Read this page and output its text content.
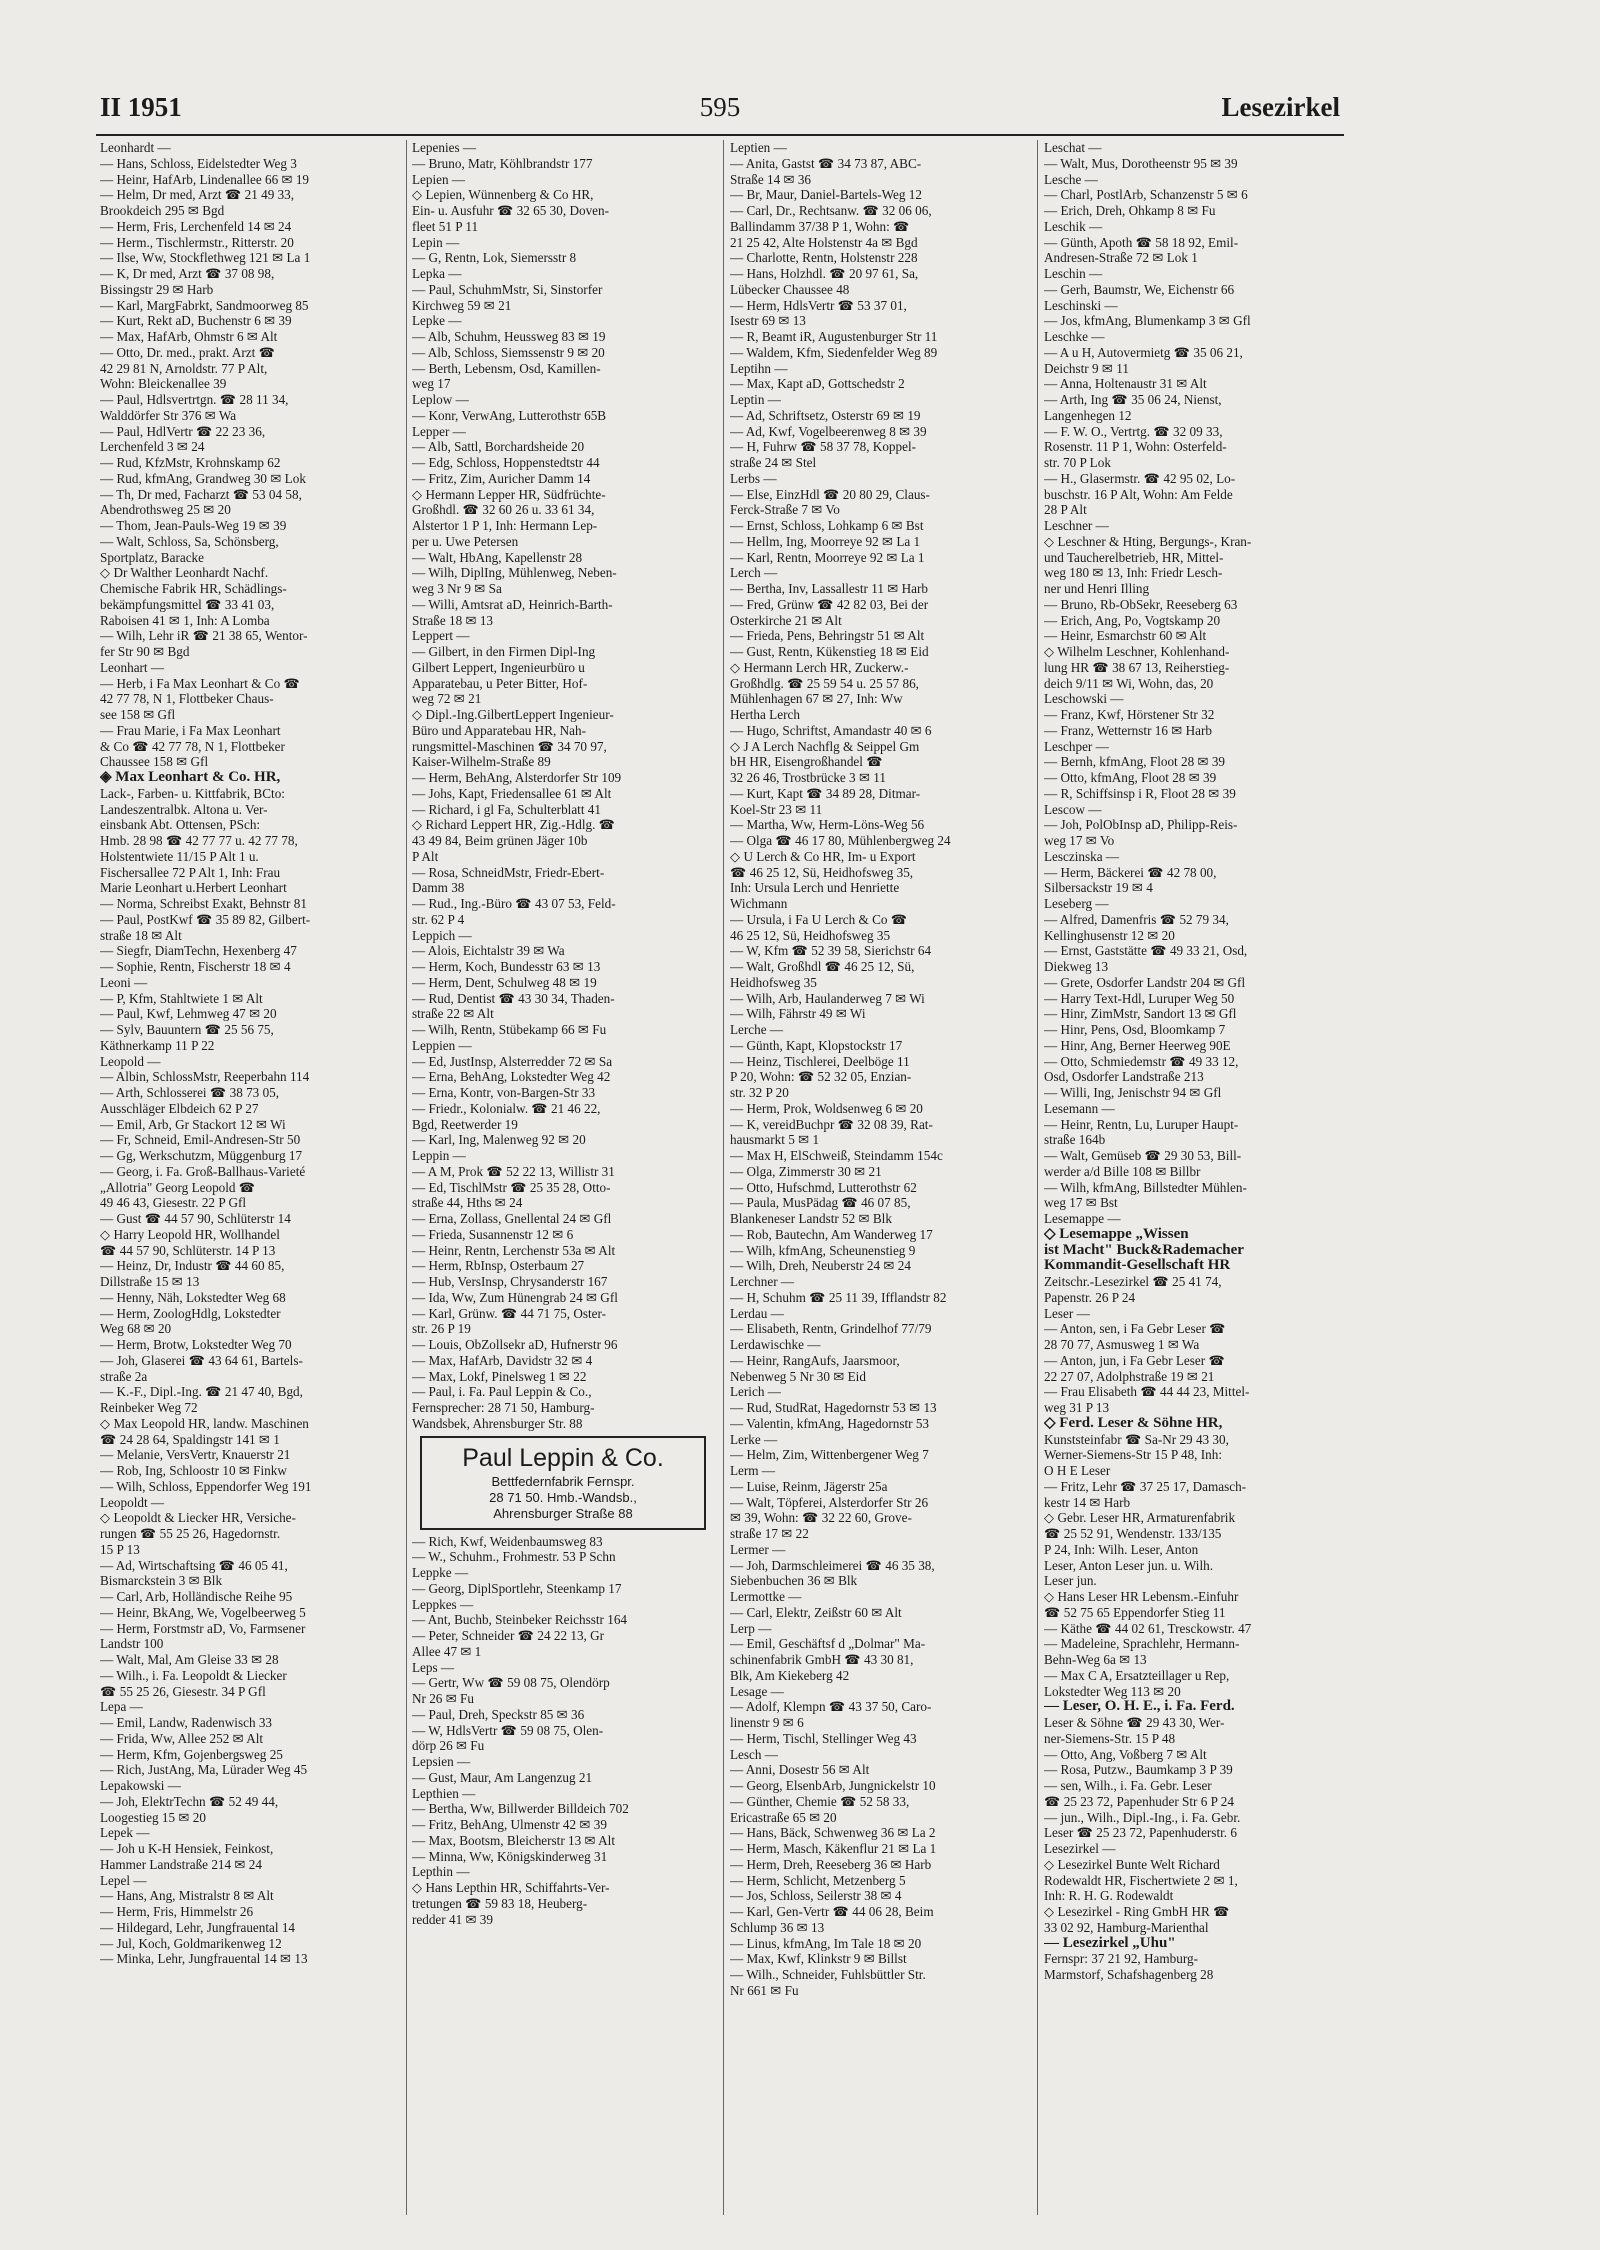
II 1951	595	Lesezirkel
Leonhardt —
— Hans, Schloss, Eidelstedter Weg 3
— Heinr, HafArb, Lindenallee 66 ✉ 19
— Helm, Dr med, Arzt ☎ 21 49 33,
Brookdeich 295 ✉ Bgd
— Herm, Fris, Lerchenfeld 14 ✉ 24
— Herm., Tischlermstr., Ritterstr. 20
— Ilse, Ww, Stockflethweg 121 ✉ La 1
— K, Dr med, Arzt ☎ 37 08 98,
Bissingstr 29 ✉ Harb
— Karl, MargFabrkt, Sandmoorweg 85
— Kurt, Rekt aD, Buchenstr 6 ✉ 39
— Max, HafArb, Ohmstr 6 ✉ Alt
— Otto, Dr. med., prakt. Arzt ☎
42 29 81 N, Arnoldstr. 77 P Alt,
Wohn: Bleickenallee 39
— Paul, Hdlsvertrtgn. ☎ 28 11 34,
Walddörfer Str 376 ✉ Wa
— Paul, HdlVertr ☎ 22 23 36,
Lerchenfeld 3 ✉ 24
— Rud, KfzMstr, Krohnskamp 62
— Rud, kfmAng, Grandweg 30 ✉ Lok
— Th, Dr med, Facharzt ☎ 53 04 58,
Abendrothsweg 25 ✉ 20
— Thom, Jean-Pauls-Weg 19 ✉ 39
— Walt, Schloss, Sa, Schönsberg,
Sportplatz, Baracke
◇ Dr Walther Leonhardt Nachf.
Chemische Fabrik HR, Schädlings-
bekämpfungsmittel ☎ 33 41 03,
Raboisen 41 ✉ 1, Inh: A Lomba
— Wilh, Lehr iR ☎ 21 38 65, Wentor-
fer Str 90 ✉ Bgd
Leonhart —
— Herb, i Fa Max Leonhart & Co ☎
42 77 78, N 1, Flottbeker Chaus-
see 158 ✉ Gfl
— Frau Marie, i Fa Max Leonhart
& Co ☎ 42 77 78, N 1, Flottbeker
Chaussee 158 ✉ Gfl
◈ Max Leonhart & Co. HR,
Lack-, Farben- u. Kittfabrik, BCto:
Landeszentralbk. Altona u. Ver-
einsbank Abt. Ottensen, PSch:
Hmb. 28 98 ☎ 42 77 77 u. 42 77 78,
Holstentwiete 11/15 P Alt 1 u.
Fischersallee 72 P Alt 1, Inh: Frau
Marie Leonhart u.Herbert Leonhart
— Norma, Schreibst Exakt, Behnstr 81
— Paul, PostKwf ☎ 35 89 82, Gilbert-
straße 18 ✉ Alt
— Siegfr, DiamTechn, Hexenberg 47
— Sophie, Rentn, Fischerstr 18 ✉ 4
Leoni —
— P, Kfm, Stahltwiete 1 ✉ Alt
— Paul, Kwf, Lehmweg 47 ✉ 20
— Sylv, Bauuntern ☎ 25 56 75,
Käthnerkamp 11 P 22
Leopold —
— Albin, SchlossMstr, Reeperbahn 114
— Arth, Schlosserei ☎ 38 73 05,
Ausschläger Elbdeich 62 P 27
— Emil, Arb, Gr Stackort 12 ✉ Wi
— Fr, Schneid, Emil-Andresen-Str 50
— Gg, Werkschutzm, Müggenburg 17
— Georg, i. Fa. Groß-Ballhaus-Varieté
„Allotria" Georg Leopold ☎
49 46 43, Giesestr. 22 P Gfl
— Gust ☎ 44 57 90, Schlüterstr 14
◇ Harry Leopold HR, Wollhandel
☎ 44 57 90, Schlüterstr. 14 P 13
— Heinz, Dr, Industr ☎ 44 60 85,
Dillstraße 15 ✉ 13
— Henny, Näh, Lokstedter Weg 68
— Herm, ZoologHdlg, Lokstedter
Weg 68 ✉ 20
— Herm, Brotw, Lokstedter Weg 70
— Joh, Glaserei ☎ 43 64 61, Bartels-
straße 2a
— K.-F., Dipl.-Ing. ☎ 21 47 40, Bgd,
Reinbeker Weg 72
◇ Max Leopold HR, landw. Maschinen
☎ 24 28 64, Spaldingstr 141 ✉ 1
— Melanie, VersVertr, Knauerstr 21
— Rob, Ing, Schloostr 10 ✉ Finkw
— Wilh, Schloss, Eppendorfer Weg 191
Leopoldt —
◇ Leopoldt & Liecker HR, Versiche-
rungen ☎ 55 25 26, Hagedornstr.
15 P 13
— Ad, Wirtschaftsing ☎ 46 05 41,
Bismarckstein 3 ✉ Blk
— Carl, Arb, Holländische Reihe 95
— Heinr, BkAng, We, Vogelbeerweg 5
— Herm, Forstmstr aD, Vo, Farmsener
Landstr 100
— Walt, Mal, Am Gleise 33 ✉ 28
— Wilh., i. Fa. Leopoldt & Liecker
☎ 55 25 26, Giesestr. 34 P Gfl
Lepa —
— Emil, Landw, Radenwisch 33
— Frida, Ww, Allee 252 ✉ Alt
— Herm, Kfm, Gojenbergsweg 25
— Rich, JustAng, Ma, Lürader Weg 45
Lepakowski —
— Joh, ElektrTechn ☎ 52 49 44,
Loogestieg 15 ✉ 20
Lepek —
— Joh u K-H Hensiek, Feinkost,
Hammer Landstraße 214 ✉ 24
Lepel —
— Hans, Ang, Mistralstr 8 ✉ Alt
— Herm, Fris, Himmelstr 26
— Hildegard, Lehr, Jungfrauental 14
— Jul, Koch, Goldmarikenweg 12
— Minka, Lehr, Jungfrauental 14 ✉ 13
Lepenies —
— Bruno, Matr, Köhlbrandstr 177
Lepien —
◇ Lepien, Wünnenberg & Co HR,
Ein- u. Ausfuhr ☎ 32 65 30, Doven-
fleet 51 P 11
Lepin —
— G, Rentn, Lok, Siemersstr 8
Lepka —
— Paul, SchuhmMstr, Si, Sinstorfer
Kirchweg 59 ✉ 21
Lepke —
— Alb, Schuhm, Heussweg 83 ✉ 19
— Alb, Schloss, Siemssenstr 9 ✉ 20
— Berth, Lebensm, Osd, Kamillen-
weg 17
Leplow —
— Konr, VerwAng, Lutterothstr 65B
Lepper —
— Alb, Sattl, Borchardsheide 20
— Edg, Schloss, Hoppenstedtstr 44
— Fritz, Zim, Auricher Damm 14
◇ Hermann Lepper HR, Südfrüchte-
Großhdl. ☎ 32 60 26 u. 33 61 34,
Alstertor 1 P 1, Inh: Hermann Lep-
per u. Uwe Petersen
— Walt, HbAng, Kapellenstr 28
— Wilh, DiplIng, Mühlenweg, Neben-
weg 3 Nr 9 ✉ Sa
— Willi, Amtsrat aD, Heinrich-Barth-
Straße 18 ✉ 13
Leppert —
— Gilbert, in den Firmen Dipl-Ing
Gilbert Leppert, Ingenieurbüro u
Apparatebau, u Peter Bitter, Hof-
weg 72 ✉ 21
◇ Dipl.-Ing.GilbertLeppert Ingenieur-
Büro und Apparatebau HR, Nah-
rungsmittel-Maschinen ☎ 34 70 97,
Kaiser-Wilhelm-Straße 89
— Herm, BehAng, Alsterdorfer Str 109
— Johs, Kapt, Friedensallee 61 ✉ Alt
— Richard, i gl Fa, Schulterblatt 41
◇ Richard Leppert HR, Zig.-Hdlg. ☎
43 49 84, Beim grünen Jäger 10b
P Alt
— Rosa, SchneidMstr, Friedr-Ebert-
Damm 38
— Rud., Ing.-Büro ☎ 43 07 53, Feld-
str. 62 P 4
Leppich —
— Alois, Eichtalstr 39 ✉ Wa
— Herm, Koch, Bundesstr 63 ✉ 13
— Herm, Dent, Schulweg 48 ✉ 19
— Rud, Dentist ☎ 43 30 34, Thaden-
straße 22 ✉ Alt
— Wilh, Rentn, Stübekamp 66 ✉ Fu
Leppien —
— Ed, JustInsp, Alsterredder 72 ✉ Sa
— Erna, BehAng, Lokstedter Weg 42
— Erna, Kontr, von-Bargen-Str 33
— Friedr., Kolonialw. ☎ 21 46 22,
Bgd, Reetwerder 19
— Karl, Ing, Malenweg 92 ✉ 20
Leppin —
— A M, Prok ☎ 52 22 13, Willistr 31
— Ed, TischlMstr ☎ 25 35 28, Otto-
straße 44, Hths ✉ 24
— Erna, Zollass, Gnellental 24 ✉ Gfl
— Frieda, Susannenstr 12 ✉ 6
— Heinr, Rentn, Lerchenstr 53a ✉ Alt
— Herm, RbInsp, Osterbaum 27
— Hub, VersInsp, Chrysanderstr 167
— Ida, Ww, Zum Hünengrab 24 ✉ Gfl
— Karl, Grünw. ☎ 44 71 75, Oster-
str. 26 P 19
— Louis, ObZollsekr aD, Hufnerstr 96
— Max, HafArb, Davidstr 32 ✉ 4
— Max, Lokf, Pinelsweg 1 ✉ 22
— Paul, i. Fa. Paul Leppin & Co.,
Fernsprecher: 28 71 50, Hamburg-
Wandsbek, Ahrensburger Str. 88
Paul Leppin & Co.
Bettfedernfabrik Fernspr.
28 71 50. Hmb.-Wandsb.,
Ahrensburger Straße 88
— Rich, Kwf, Weidenbaumsweg 83
— W., Schuhm., Frohmestr. 53 P Schn
Leppke —
— Georg, DiplSportlehr, Steenkamp 17
Leppkes —
— Ant, Buchb, Steinbeker Reichsstr 164
— Peter, Schneider ☎ 24 22 13, Gr
Allee 47 ✉ 1
Leps —
— Gertr, Ww ☎ 59 08 75, Olendörp
Nr 26 ✉ Fu
— Paul, Dreh, Speckstr 85 ✉ 36
— W, HdlsVertr ☎ 59 08 75, Olen-
dörp 26 ✉ Fu
Lepsien —
— Gust, Maur, Am Langenzug 21
Lepthien —
— Bertha, Ww, Billwerder Billdeich 702
— Fritz, BehAng, Ulmenstr 42 ✉ 39
— Max, Bootsm, Bleicherstr 13 ✉ Alt
— Minna, Ww, Königskinderweg 31
Lepthin —
◇ Hans Lepthin HR, Schiffahrts-Ver-
tretungen ☎ 59 83 18, Heuberg-
redder 41 ✉ 39
Leptien —
— Anita, Gastst ☎ 34 73 87, ABC-
Straße 14 ✉ 36
— Br, Maur, Daniel-Bartels-Weg 12
— Carl, Dr., Rechtsanw. ☎ 32 06 06,
Ballindamm 37/38 P 1, Wohn: ☎
21 25 42, Alte Holstenstr 4a ✉ Bgd
— Charlotte, Rentn, Holstenstr 228
— Hans, Holzhdl. ☎ 20 97 61, Sa,
Lübecker Chaussee 48
— Herm, HdlsVertr ☎ 53 37 01,
Isestr 69 ✉ 13
— R, Beamt iR, Augustenburger Str 11
— Waldem, Kfm, Siedenfelder Weg 89
Leptihn —
— Max, Kapt aD, Gottschedstr 2
Leptin —
— Ad, Schriftsetz, Osterstr 69 ✉ 19
— Ad, Kwf, Vogelbeerenweg 8 ✉ 39
— H, Fuhrw ☎ 58 37 78, Koppel-
straße 24 ✉ Stel
Lerbs —
— Else, EinzHdl ☎ 20 80 29, Claus-
Ferck-Straße 7 ✉ Vo
— Ernst, Schloss, Lohkamp 6 ✉ Bst
— Hellm, Ing, Moorreye 92 ✉ La 1
— Karl, Rentn, Moorreye 92 ✉ La 1
Lerch —
— Bertha, Inv, Lassallestr 11 ✉ Harb
— Fred, Grünw ☎ 42 82 03, Bei der
Osterkirche 21 ✉ Alt
— Frieda, Pens, Behringstr 51 ✉ Alt
— Gust, Rentn, Kükenstieg 18 ✉ Eid
◇ Hermann Lerch HR, Zuckerw.-
Großhdlg. ☎ 25 59 54 u. 25 57 86,
Mühlenhagen 67 ✉ 27, Inh: Ww
Hertha Lerch
— Hugo, Schriftst, Amandastr 40 ✉ 6
◇ J A Lerch Nachflg & Seippel Gm
bH HR, Eisengroßhandel ☎
32 26 46, Trostbrücke 3 ✉ 11
— Kurt, Kapt ☎ 34 89 28, Ditmar-
Koel-Str 23 ✉ 11
— Martha, Ww, Herm-Löns-Weg 56
— Olga ☎ 46 17 80, Mühlenbergweg 24
◇ U Lerch & Co HR, Im- u Export
☎ 46 25 12, Sü, Heidhofsweg 35,
Inh: Ursula Lerch und Henriette
Wichmann
— Ursula, i Fa U Lerch & Co ☎
46 25 12, Sü, Heidhofsweg 35
— W, Kfm ☎ 52 39 58, Sierichstr 64
— Walt, Großhdl ☎ 46 25 12, Sü,
Heidhofsweg 35
— Wilh, Arb, Haulanderweg 7 ✉ Wi
— Wilh, Fährstr 49 ✉ Wi
Lerche —
— Günth, Kapt, Klopstockstr 17
— Heinz, Tischlerei, Deelböge 11
P 20, Wohn: ☎ 52 32 05, Enzian-
str. 32 P 20
— Herm, Prok, Woldsenweg 6 ✉ 20
— K, vereidBuchpr ☎ 32 08 39, Rat-
hausmarkt 5 ✉ 1
— Max H, ElSchweiß, Steindamm 154c
— Olga, Zimmerstr 30 ✉ 21
— Otto, Hufschmd, Lutterothstr 62
— Paula, MusPädag ☎ 46 07 85,
Blankeneser Landstr 52 ✉ Blk
— Rob, Bautechn, Am Wanderweg 17
— Wilh, kfmAng, Scheunenstieg 9
— Wilh, Dreh, Neuberstr 24 ✉ 24
Lerchner —
— H, Schuhm ☎ 25 11 39, Ifflandstr 82
Lerdau —
— Elisabeth, Rentn, Grindelhof 77/79
Lerdawischke —
— Heinr, RangAufs, Jaarsmoor,
Nebenweg 5 Nr 30 ✉ Eid
Lerich —
— Rud, StudRat, Hagedornstr 53 ✉ 13
— Valentin, kfmAng, Hagedornstr 53
Lerke —
— Helm, Zim, Wittenbergener Weg 7
Lerm —
— Luise, Reinm, Jägerstr 25a
— Walt, Töpferei, Alsterdorfer Str 26
✉ 39, Wohn: ☎ 32 22 60, Grove-
straße 17 ✉ 22
Lermer —
— Joh, Darmschleimerei ☎ 46 35 38,
Siebenbuchen 36 ✉ Blk
Lermottke —
— Carl, Elektr, Zeißstr 60 ✉ Alt
Lerp —
— Emil, Geschäftsf d „Dolmar" Ma-
schinenfabrik GmbH ☎ 43 30 81,
Blk, Am Kiekeberg 42
Lesage —
— Adolf, Klempn ☎ 43 37 50, Caro-
linenstr 9 ✉ 6
— Herm, Tischl, Stellinger Weg 43
Lesch —
— Anni, Dosestr 56 ✉ Alt
— Georg, ElsenbArb, Jungnickelstr 10
— Günther, Chemie ☎ 52 58 33,
Ericastraße 65 ✉ 20
— Hans, Bäck, Schwenweg 36 ✉ La 2
— Herm, Masch, Käkenflur 21 ✉ La 1
— Herm, Dreh, Reeseberg 36 ✉ Harb
— Herm, Schlicht, Metzenberg 5
— Jos, Schloss, Seilerstr 38 ✉ 4
— Karl, Gen-Vertr ☎ 44 06 28, Beim
Schlump 36 ✉ 13
— Linus, kfmAng, Im Tale 18 ✉ 20
— Max, Kwf, Klinkstr 9 ✉ Billst
— Wilh., Schneider, Fuhlsbüttler Str.
Nr 661 ✉ Fu
Leschat —
— Walt, Mus, Dorotheenstr 95 ✉ 39
Lesche —
— Charl, PostlArb, Schanzenstr 5 ✉ 6
— Erich, Dreh, Ohkamp 8 ✉ Fu
Leschik —
— Günth, Apoth ☎ 58 18 92, Emil-
Andresen-Straße 72 ✉ Lok 1
Leschin —
— Gerh, Baumstr, We, Eichenstr 66
Leschinski —
— Jos, kfmAng, Blumenkamp 3 ✉ Gfl
Leschke —
— A u H, Autovermietg ☎ 35 06 21,
Deichstr 9 ✉ 11
— Anna, Holtenaustr 31 ✉ Alt
— Arth, Ing ☎ 35 06 24, Nienst,
Langenhegen 12
— F. W. O., Vertrtg. ☎ 32 09 33,
Rosenstr. 11 P 1, Wohn: Osterfeld-
str. 70 P Lok
— H., Glasermstr. ☎ 42 95 02, Lo-
buschstr. 16 P Alt, Wohn: Am Felde
28 P Alt
Leschner —
◇ Leschner & Hting, Bergungs-, Kran-
und Taucherelbetrieb, HR, Mittel-
weg 180 ✉ 13, Inh: Friedr Lesch-
ner und Henri Illing
— Bruno, Rb-ObSekr, Reeseberg 63
— Erich, Ang, Po, Vogtskamp 20
— Heinr, Esmarchstr 60 ✉ Alt
◇ Wilhelm Leschner, Kohlenhand-
lung HR ☎ 38 67 13, Reiherstieg-
deich 9/11 ✉ Wi, Wohn, das, 20
Leschowski —
— Franz, Kwf, Hörstener Str 32
— Franz, Wetternstr 16 ✉ Harb
Leschper —
— Bernh, kfmAng, Floot 28 ✉ 39
— Otto, kfmAng, Floot 28 ✉ 39
— R, Schiffsinsp i R, Floot 28 ✉ 39
Lescow —
— Joh, PolObInsp aD, Philipp-Reis-
weg 17 ✉ Vo
Lesczinska —
— Herm, Bäckerei ☎ 42 78 00,
Silbersackstr 19 ✉ 4
Leseberg —
— Alfred, Damenfris ☎ 52 79 34,
Kellinghusenstr 12 ✉ 20
— Ernst, Gaststätte ☎ 49 33 21, Osd,
Diekweg 13
— Grete, Osdorfer Landstr 204 ✉ Gfl
— Harry Text-Hdl, Luruper Weg 50
— Hinr, ZimMstr, Sandort 13 ✉ Gfl
— Hinr, Pens, Osd, Bloomkamp 7
— Hinr, Ang, Berner Heerweg 90E
— Otto, Schmiedemstr ☎ 49 33 12,
Osd, Osdorfer Landstraße 213
— Willi, Ing, Jenischstr 94 ✉ Gfl
Lesemann —
— Heinr, Rentn, Lu, Luruper Haupt-
straße 164b
— Walt, Gemüseb ☎ 29 30 53, Bill-
werder a/d Bille 108 ✉ Billbr
— Wilh, kfmAng, Billstedter Mühlen-
weg 17 ✉ Bst
Lesemappe —
◇ Lesemappe „Wissen
ist Macht" Buck&Rademacher
Kommandit-Gesellschaft HR
Zeitschr.-Lesezirkel ☎ 25 41 74,
Papenstr. 26 P 24
Leser —
— Anton, sen, i Fa Gebr Leser ☎
28 70 77, Asmusweg 1 ✉ Wa
— Anton, jun, i Fa Gebr Leser ☎
22 27 07, Adolphstraße 19 ✉ 21
— Frau Elisabeth ☎ 44 44 23, Mittel-
weg 31 P 13
◇ Ferd. Leser & Söhne HR,
Kunststeinfabr ☎ Sa-Nr 29 43 30,
Werner-Siemens-Str 15 P 48, Inh:
O H E Leser
— Fritz, Lehr ☎ 37 25 17, Damasch-
kestr 14 ✉ Harb
◇ Gebr. Leser HR, Armaturenfabrik
☎ 25 52 91, Wendenstr. 133/135
P 24, Inh: Wilh. Leser, Anton
Leser, Anton Leser jun. u. Wilh.
Leser jun.
◇ Hans Leser HR Lebensm.-Einfuhr
☎ 52 75 65 Eppendorfer Stieg 11
— Käthe ☎ 44 02 61, Tresckowstr. 47
— Madeleine, Sprachlehr, Hermann-
Behn-Weg 6a ✉ 13
— Max C A, Ersatzteillager u Rep,
Lokstedter Weg 113 ✉ 20
— Leser, O. H. E., i. Fa. Ferd.
Leser & Söhne ☎ 29 43 30, Wer-
ner-Siemens-Str. 15 P 48
— Otto, Ang, Voßberg 7 ✉ Alt
— Rosa, Putzw., Baumkamp 3 P 39
— sen, Wilh., i. Fa. Gebr. Leser
☎ 25 23 72, Papenhuder Str 6 P 24
— jun., Wilh., Dipl.-Ing., i. Fa. Gebr.
Leser ☎ 25 23 72, Papenhuderstr. 6
Lesezirkel —
◇ Lesezirkel Bunte Welt Richard
Rodewaldt HR, Fischertwiete 2 ✉ 1,
Inh: R. H. G. Rodewaldt
◇ Lesezirkel - Ring GmbH HR ☎
33 02 92, Hamburg-Marienthal
— Lesezirkel „Uhu"
Fernspr: 37 21 92, Hamburg-
Marmstorf, Schafshagenberg 28
